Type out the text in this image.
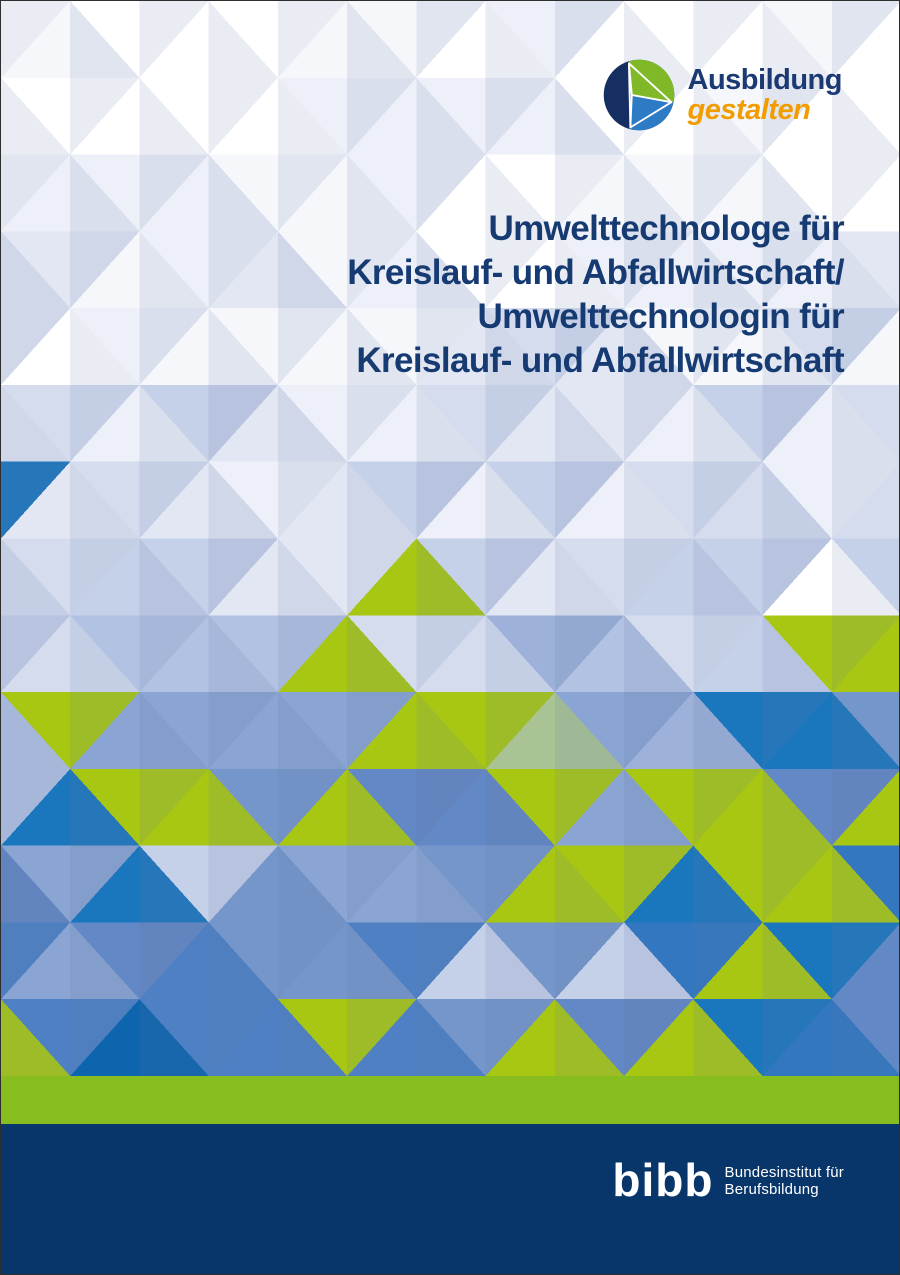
Ausbildung
gestalten
Umwelttechnologe für
Kreislauf- und Abfallwirtschaft/
Umwelttechnologin für
Kreislauf- und Abfallwirtschaft
bibb Bundesinstitut für
Berufsbildung
